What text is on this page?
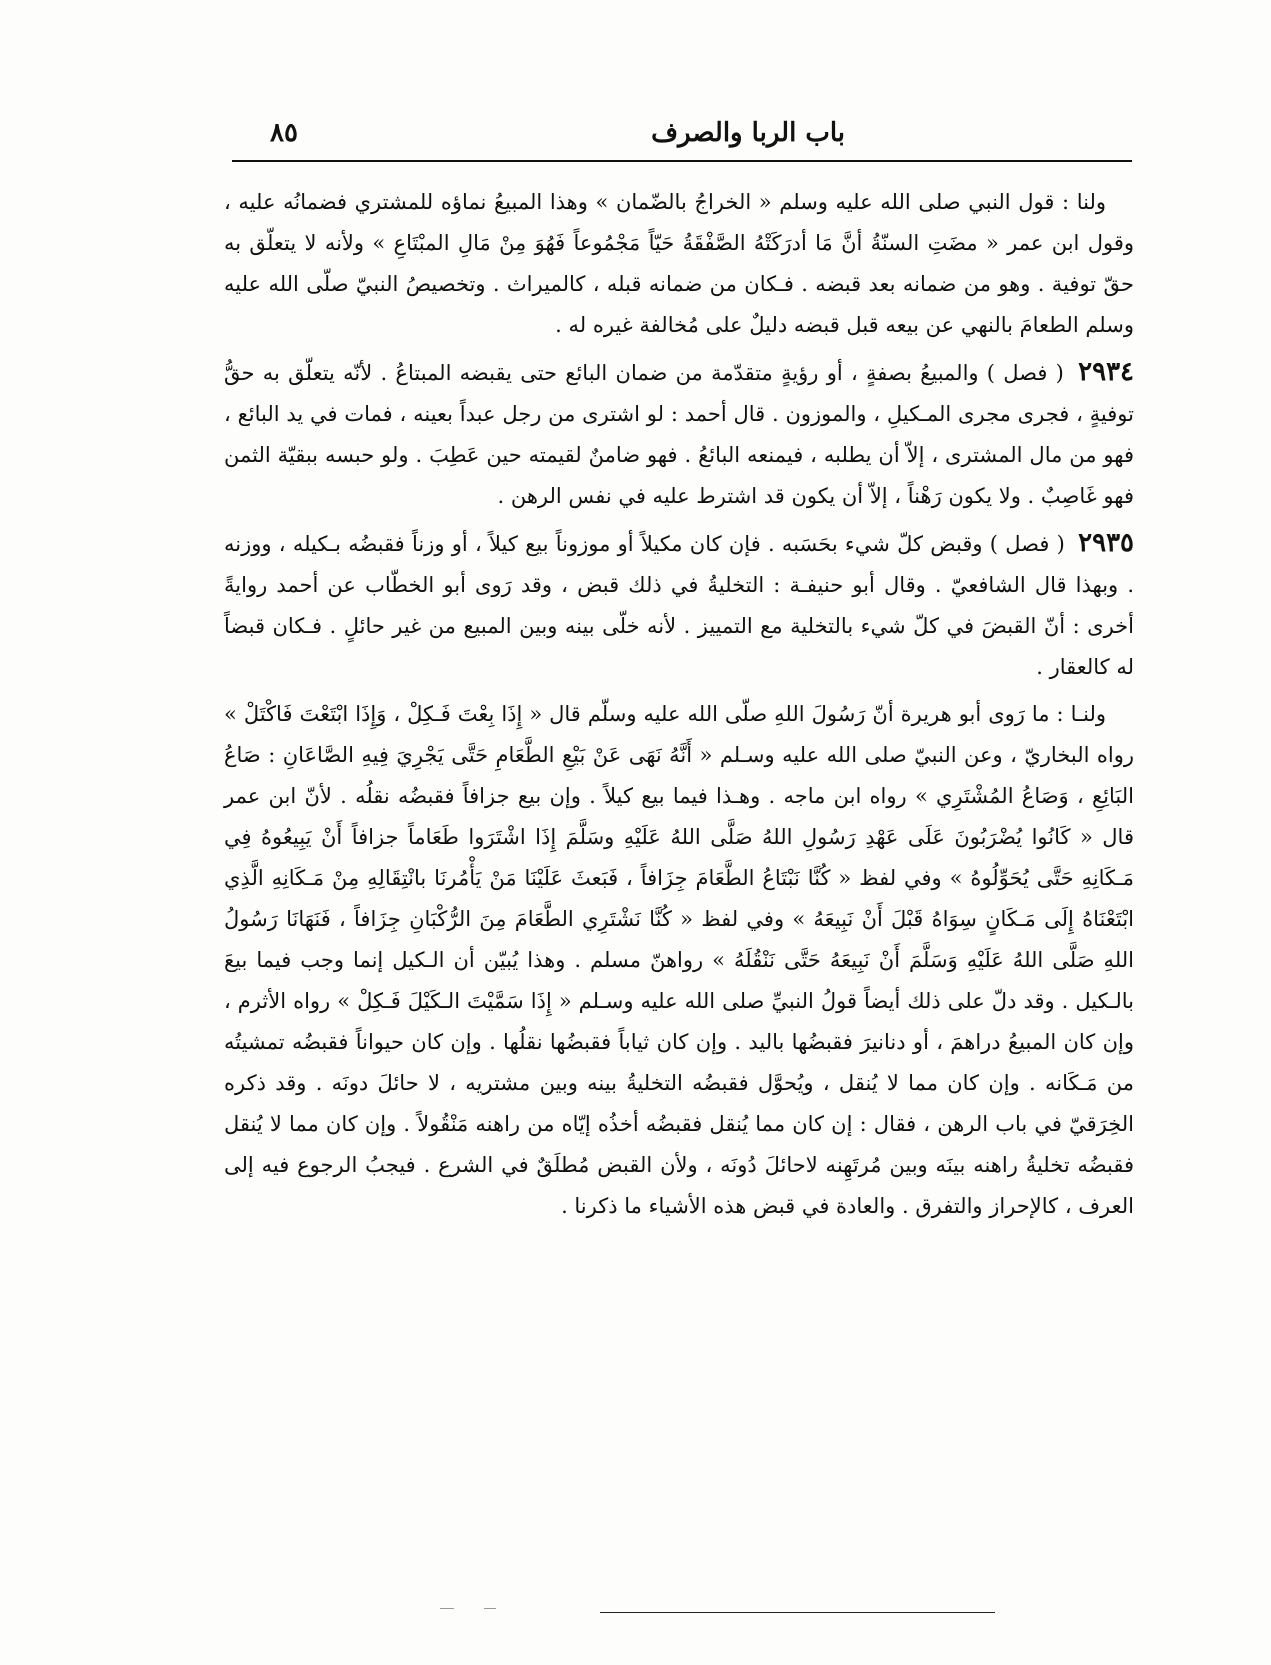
باب الربا والصرف
٨٥

ولنا : قول النبي صلى الله عليه وسلم « الخراجُ بالضّمان » وهذا المبيعُ نماؤه للمشتري فضمانُه عليه ، وقول ابن عمر « مضَتِ السنّةُ أنَّ مَا أدرَكَتْهُ الصَّفْقَةُ حَيّاً مَجْمُوعاً فَهُوَ مِنْ مَالِ المبْتَاعِ » ولأنه لا يتعلّق به حقّ توفية . وهو من ضمانه بعد قبضه . فـكان من ضمانه قبله ، كالميراث . وتخصيصُ النبيّ صلّى الله عليه وسلم الطعامَ بالنهي عن بيعه قبل قبضه دليلٌ على مُخالفة غيره له .

٢٩٣٤ ( فصل ) والمبيعُ بصفةٍ ، أو رؤيةٍ متقدّمة من ضمان البائع حتى يقبضه المبتاعُ . لأنّه يتعلّق به حقُّ توفيةٍ ، فجرى مجرى المـكيلِ ، والموزون . قال أحمد : لو اشترى من رجل عبداً بعينه ، فمات في يد البائع ، فهو من مال المشترى ، إلاّ أن يطلبه ، فيمنعه البائعُ . فهو ضامنٌ لقيمته حين عَطِبَ . ولو حبسه ببقيّة الثمن فهو غَاصِبٌ . ولا يكون رَهْناً ، إلاّ أن يكون قد اشترط عليه في نفس الرهن .

٢٩٣٥ ( فصل ) وقبض كلّ شيء بحَسَبه . فإن كان مكيلاً أو موزوناً بيع كيلاً ، أو وزناً فقبضُه بـكيله ، ووزنه . وبهذا قال الشافعيّ . وقال أبو حنيفـة : التخليةُ في ذلك قبض ، وقد رَوى أبو الخطّاب عن أحمد روايةً أخرى : أنّ القبضَ في كلّ شيء بالتخلية مع التمييز . لأنه خلّى بينه وبين المبيع من غير حائلٍ . فـكان قبضاً له كالعقار .

ولنـا : ما رَوى أبو هريرة أنّ رَسُولَ اللهِ صلّى الله عليه وسلّم قال « إِذَا بِعْتَ فَـكِلْ ، وَإِذَا ابْتَعْتَ فَاكْتَلْ » رواه البخاريّ ، وعن النبيّ صلى الله عليه وسـلم « أَنَّهُ نَهَى عَنْ بَيْعِ الطَّعَامِ حَتَّى يَجْرِيَ فِيهِ الصَّاعَانِ : صَاعُ البَائِعِ ، وَصَاعُ المُشْتَرِي » رواه ابن ماجه . وهـذا فيما بيع كيلاً . وإن بيع جزافاً فقبضُه نقلُه . لأنّ ابن عمر قال « كَانُوا يُضْرَبُونَ عَلَى عَهْدِ رَسُولِ اللهُ صَلَّى اللهُ عَلَيْهِ وسَلَّمَ إِذَا اشْتَرَوا طَعَاماً جزافاً أَنْ يَبِيعُوهُ فِي مَـكَانِهِ حَتَّى يُحَوِّلُوهُ » وفي لفظ « كُنَّا نَبْتَاعُ الطَّعَامَ جِزَافاً ، فَبَعثَ عَلَيْنَا مَنْ يَأْمُرنَا بانْتِقَالِهِ مِنْ مَـكَانِهِ الَّذِي ابْتَعْنَاهُ إِلَى مَـكَانٍ سِوَاهُ قَبْلَ أَنْ نَبِيعَهُ » وفي لفظ « كُنَّا نَشْتَرِي الطَّعَامَ مِنَ الرُّكْبَانِ جِزَافاً ، فَنَهَانَا رَسُولُ اللهِ صَلَّى اللهُ عَلَيْهِ وَسَلَّمَ أَنْ نَبِيعَهُ حَتَّى نَنْقُلَهُ » رواهنّ مسلم . وهذا يُبيّن أن الـكيل إنما وجب فيما بيعَ بالـكيل . وقد دلّ على ذلك أيضاً قولُ النبيِّ صلى الله عليه وسـلم « إِذَا سَمَّيْتَ الـكَيْلَ فَـكِلْ » رواه الأثرم ، وإن كان المبيعُ دراهمَ ، أو دنانيرَ فقبضُها باليد . وإن كان ثياباً فقبضُها نقلُها . وإن كان حيواناً فقبضُه تمشيتُه من مَـكَانه . وإن كان مما لا يُنقل ، ويُحوَّل فقبضُه التخليةُ بينه وبين مشتريه ، لا حائلَ دونَه . وقد ذكره الخِرَقيّ في باب الرهن ، فقال : إن كان مما يُنقل فقبضُه أخذُه إيّاه من راهنه مَنْقُولاً . وإن كان مما لا يُنقل فقبضُه تخليةُ راهنه بينَه وبين مُرتَهِنه لاحائلَ دُونَه ، ولأن القبض مُطلَقٌ في الشرع . فيجبُ الرجوع فيه إلى العرف ، كالإحراز والتفرق . والعادة في قبض هذه الأشياء ما ذكرنا .
